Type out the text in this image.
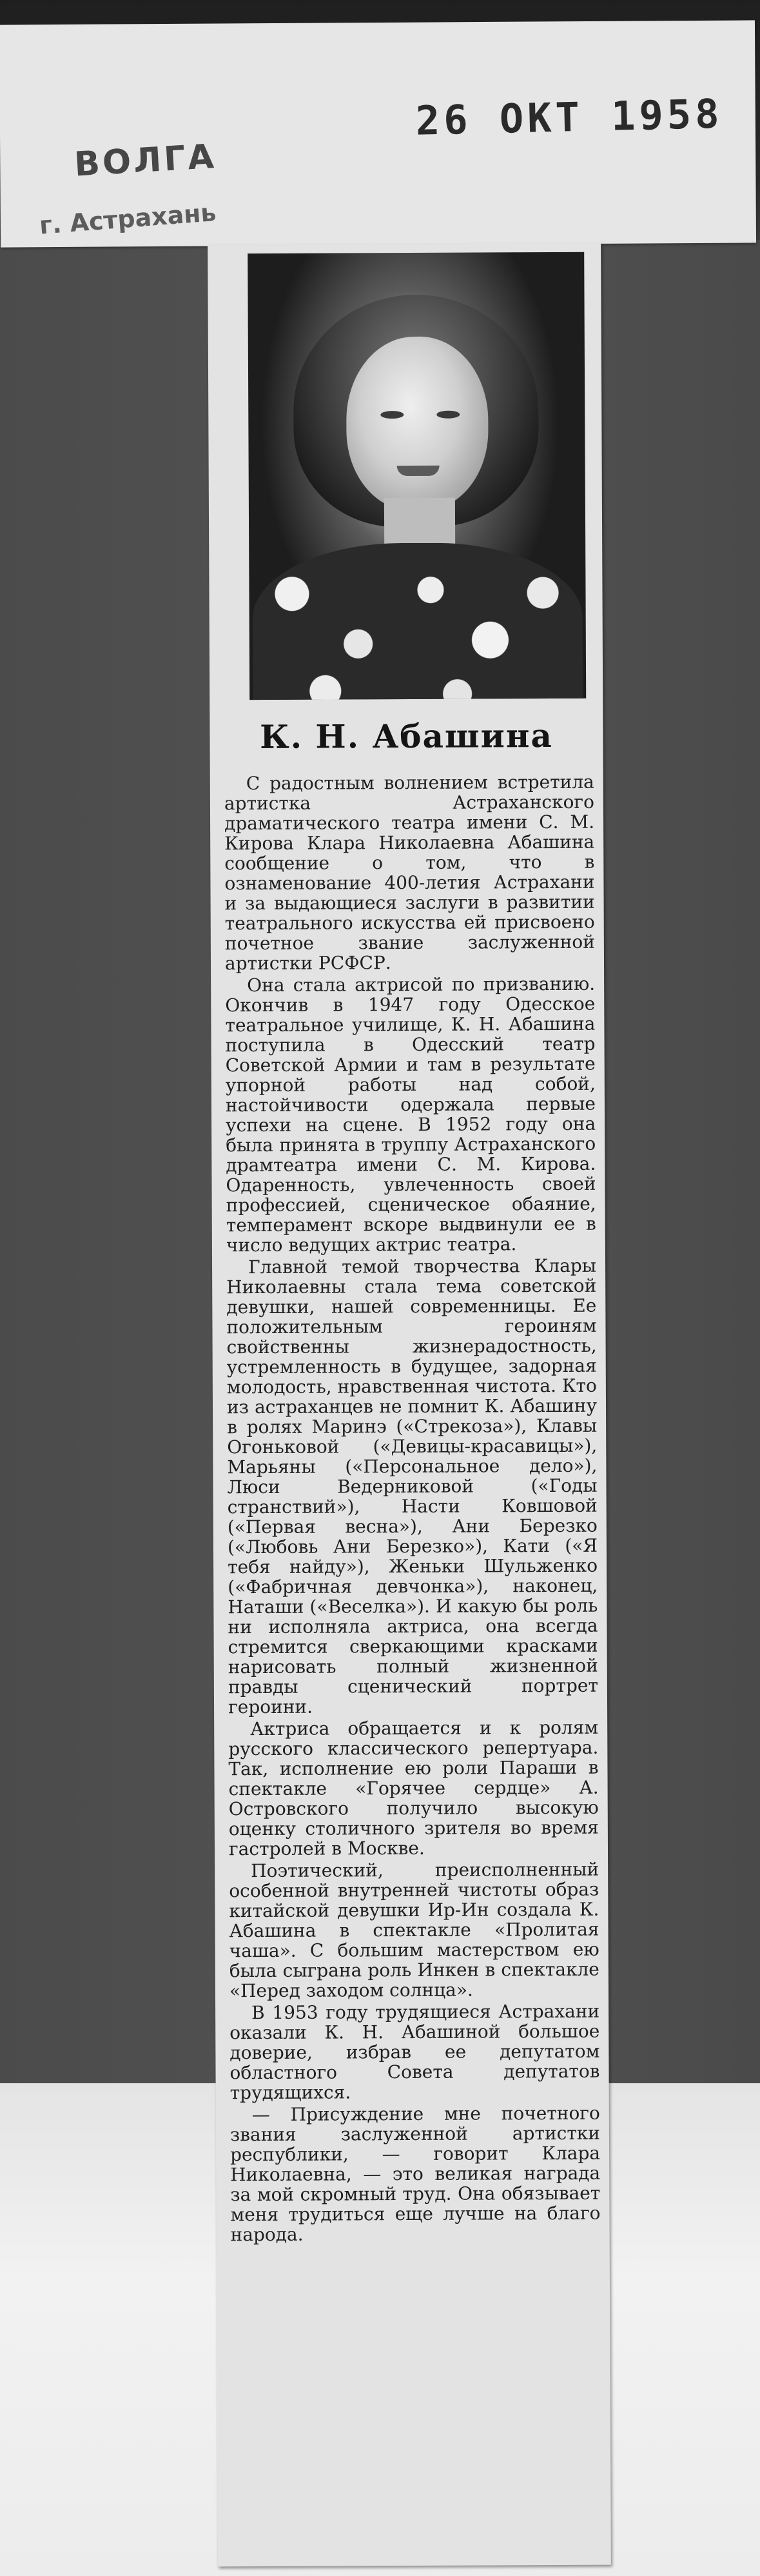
ВОЛГА
г. Астрахань
26 ОКТ 1958
К. Н. Абашина

С радостным волнением встретила артистка Астраханского драматического театра имени С. М. Кирова Клара Николаевна Абашина сообщение о том, что в ознаменование 400-летия Астрахани и за выдающиеся заслуги в развитии театрального искусства ей присвоено почетное звание заслуженной артистки РСФСР.

Она стала актрисой по призванию. Окончив в 1947 году Одесское театральное училище, К. Н. Абашина поступила в Одесский театр Советской Армии и там в результате упорной работы над собой, настойчивости одержала первые успехи на сцене. В 1952 году она была принята в труппу Астраханского драмтеатра имени С. М. Кирова. Одаренность, увлеченность своей профессией, сценическое обаяние, темперамент вскоре выдвинули ее в число ведущих актрис театра.

Главной темой творчества Клары Николаевны стала тема советской девушки, нашей современницы. Ее положительным героиням свойственны жизнерадостность, устремленность в будущее, задорная молодость, нравственная чистота. Кто из астраханцев не помнит К. Абашину в ролях Маринэ («Стрекоза»), Клавы Огоньковой («Девицы-красавицы»), Марьяны («Персональное дело»), Люси Ведерниковой («Годы странствий»), Насти Ковшовой («Первая весна»), Ани Березко («Любовь Ани Березко»), Кати («Я тебя найду»), Женьки Шульженко («Фабричная девчонка»), наконец, Наташи («Веселка»). И какую бы роль ни исполняла актриса, она всегда стремится сверкающими красками нарисовать полный жизненной правды сценический портрет героини.

Актриса обращается и к ролям русского классического репертуара. Так, исполнение ею роли Параши в спектакле «Горячее сердце» А. Островского получило высокую оценку столичного зрителя во время гастролей в Москве.

Поэтический, преисполненный особенной внутренней чистоты образ китайской девушки Ир-Ин создала К. Абашина в спектакле «Пролитая чаша». С большим мастерством ею была сыграна роль Инкен в спектакле «Перед заходом солнца».

В 1953 году трудящиеся Астрахани оказали К. Н. Абашиной большое доверие, избрав ее депутатом областного Совета депутатов трудящихся.

— Присуждение мне почетного звания заслуженной артистки республики, — говорит Клара Николаевна, — это великая награда за мой скромный труд. Она обязывает меня трудиться еще лучше на благо народа.
